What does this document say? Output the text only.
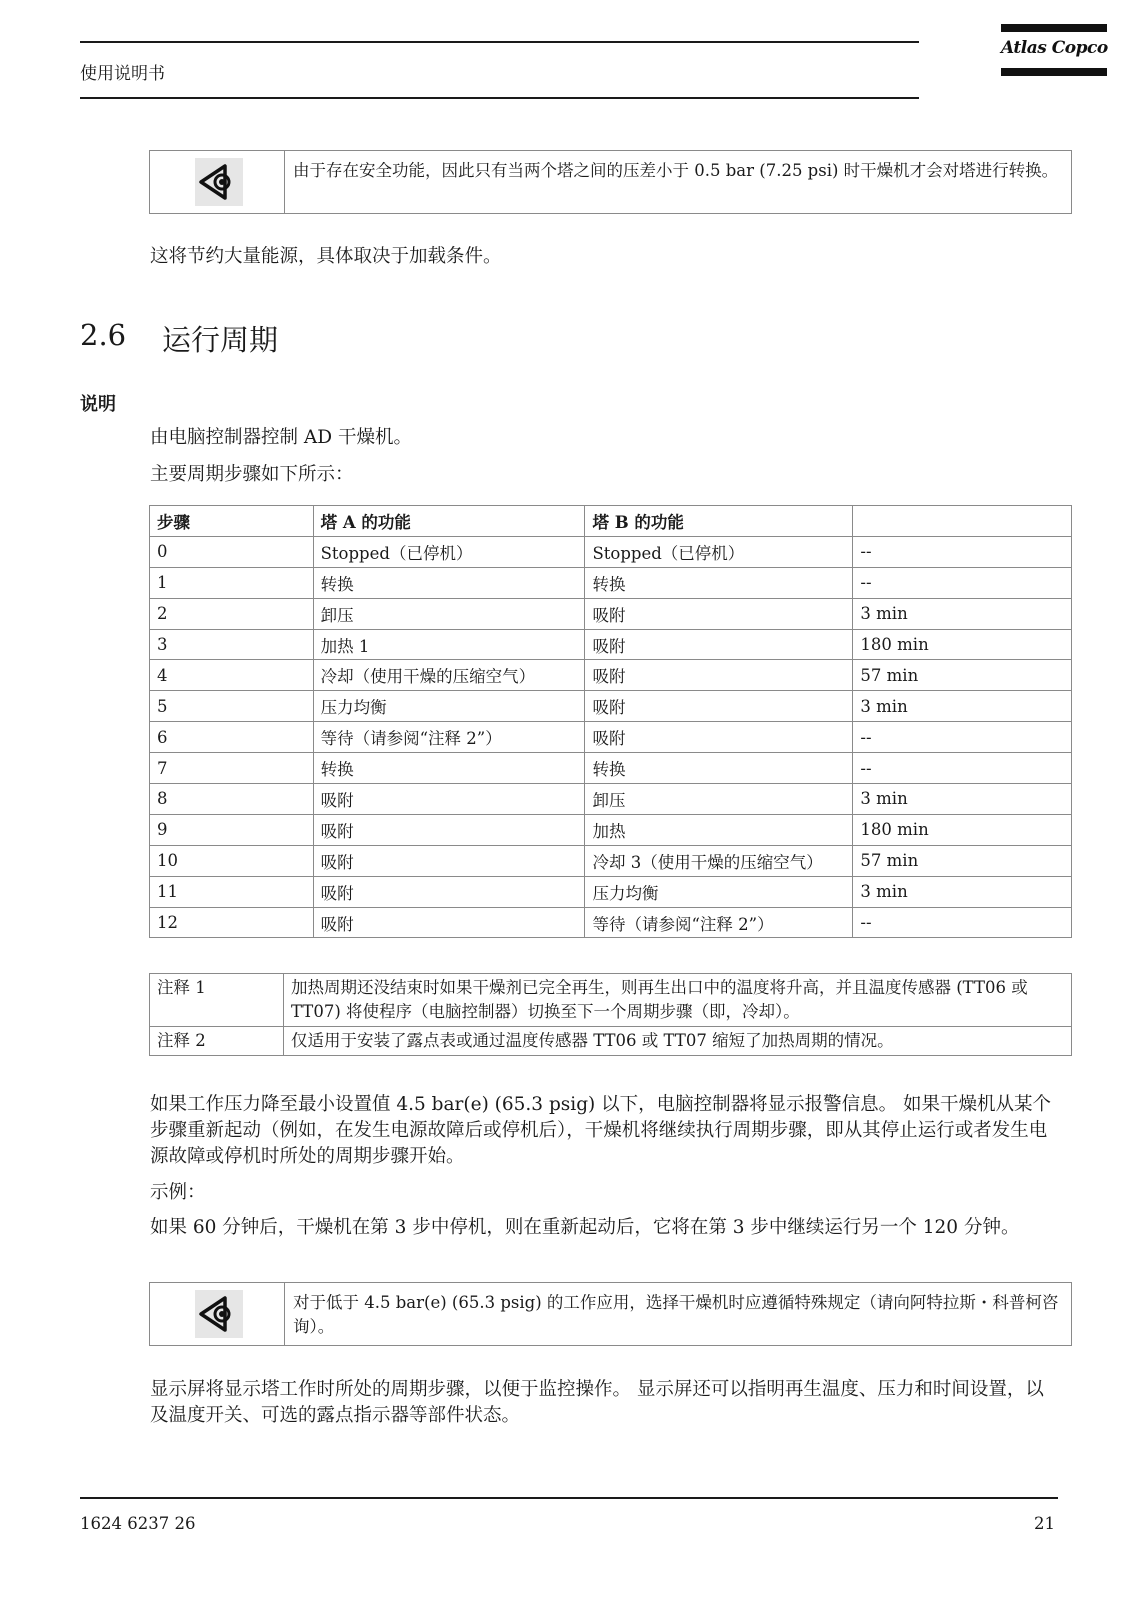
使用说明书
Atlas Copco
由于存在安全功能，因此只有当两个塔之间的压差小于 0.5 bar (7.25 psi) 时干燥机才会对塔进行转换。
这将节约大量能源，具体取决于加载条件。
2.6 运行周期
说明
由电脑控制器控制 AD 干燥机。
主要周期步骤如下所示：
步骤	塔 A 的功能	塔 B 的功能	
0	Stopped（已停机）	Stopped（已停机）	--
1	转换	转换	--
2	卸压	吸附	3 min
3	加热 1	吸附	180 min
4	冷却（使用干燥的压缩空气）	吸附	57 min
5	压力均衡	吸附	3 min
6	等待（请参阅“注释 2”）	吸附	--
7	转换	转换	--
8	吸附	卸压	3 min
9	吸附	加热	180 min
10	吸附	冷却 3（使用干燥的压缩空气）	57 min
11	吸附	压力均衡	3 min
12	吸附	等待（请参阅“注释 2”）	--
注释 1	加热周期还没结束时如果干燥剂已完全再生，则再生出口中的温度将升高，并且温度传感器 (TT06 或 TT07) 将使程序（电脑控制器）切换至下一个周期步骤（即，冷却）。
注释 2	仅适用于安装了露点表或通过温度传感器 TT06 或 TT07 缩短了加热周期的情况。
如果工作压力降至最小设置值 4.5 bar(e) (65.3 psig) 以下，电脑控制器将显示报警信息。 如果干燥机从某个步骤重新起动（例如，在发生电源故障后或停机后），干燥机将继续执行周期步骤，即从其停止运行或者发生电源故障或停机时所处的周期步骤开始。
示例：
如果 60 分钟后，干燥机在第 3 步中停机，则在重新起动后，它将在第 3 步中继续运行另一个 120 分钟。
对于低于 4.5 bar(e) (65.3 psig) 的工作应用，选择干燥机时应遵循特殊规定（请向阿特拉斯・科普柯咨询）。
显示屏将显示塔工作时所处的周期步骤，以便于监控操作。 显示屏还可以指明再生温度、压力和时间设置，以及温度开关、可选的露点指示器等部件状态。
1624 6237 26	21
